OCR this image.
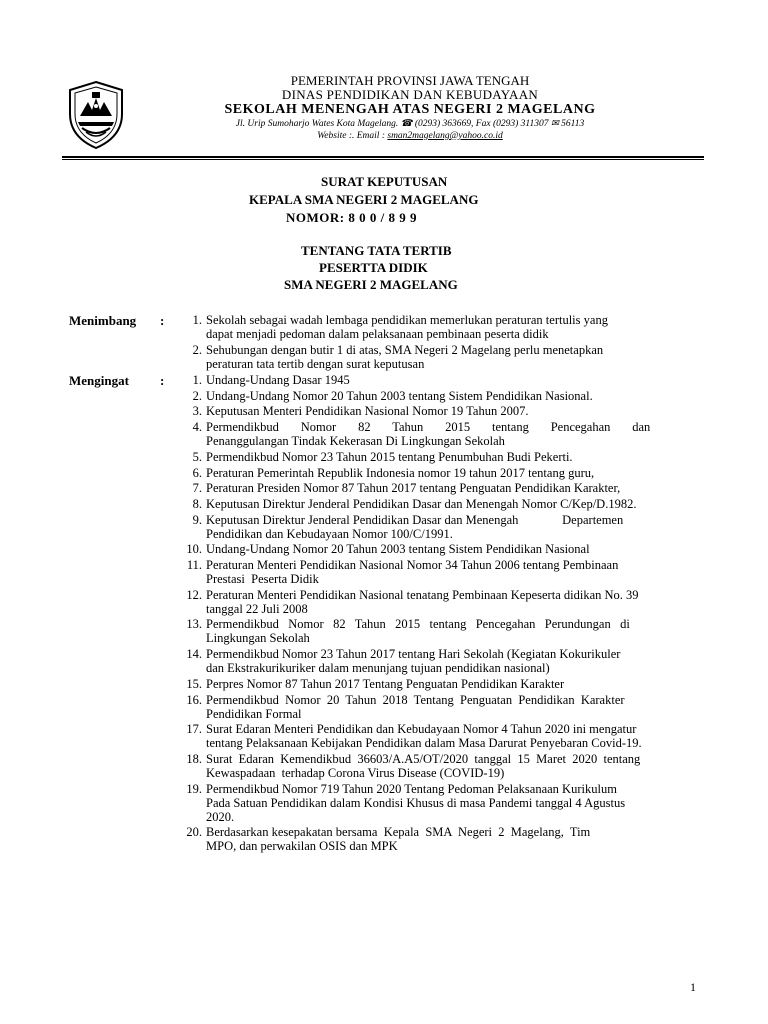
PEMERINTAH PROVINSI JAWA TENGAH
DINAS PENDIDIKAN DAN KEBUDAYAAN
SEKOLAH MENENGAH ATAS NEGERI 2 MAGELANG
Jl. Urip Sumoharjo Wates Kota Magelang. ☎ (0293) 363669, Fax (0293) 311307 ✉ 56113
Website :. Email : sman2magelang@yahoo.co.id
SURAT KEPUTUSAN
KEPALA SMA NEGERI 2 MAGELANG
NOMOR: 8 0 0 / 8 9 9
TENTANG TATA TERTIB
PESERTTA DIDIK
SMA NEGERI 2 MAGELANG
Menimbang :	1. Sekolah sebagai wadah lembaga pendidikan memerlukan peraturan tertulis yang
dapat menjadi pedoman dalam pelaksanaan pembinaan peserta didik
2. Sehubungan dengan butir 1 di atas, SMA Negeri 2 Magelang perlu menetapkan
peraturan tata tertib dengan surat keputusan
Mengingat :	1. Undang-Undang Dasar 1945
2. Undang-Undang Nomor 20 Tahun 2003 tentang Sistem Pendidikan Nasional.
3. Keputusan Menteri Pendidikan Nasional Nomor 19 Tahun 2007.
4. Permendikbud       Nomor       82       Tahun       2015       tentang       Pencegahan       dan
Penanggulangan Tindak Kekerasan Di Lingkungan Sekolah
5. Permendikbud Nomor 23 Tahun 2015 tentang Penumbuhan Budi Pekerti.
6. Peraturan Pemerintah Republik Indonesia nomor 19 tahun 2017 tentang guru,
7. Peraturan Presiden Nomor 87 Tahun 2017 tentang Penguatan Pendidikan Karakter,
8. Keputusan Direktur Jenderal Pendidikan Dasar dan Menengah Nomor C/Kep/D.1982.
9. Keputusan Direktur Jenderal Pendidikan Dasar dan Menengah              Departemen
Pendidikan dan Kebudayaan Nomor 100/C/1991.
10. Undang-Undang Nomor 20 Tahun 2003 tentang Sistem Pendidikan Nasional
11. Peraturan Menteri Pendidikan Nasional Nomor 34 Tahun 2006 tentang Pembinaan
Prestasi  Peserta Didik
12. Peraturan Menteri Pendidikan Nasional tenatang Pembinaan Kepeserta didikan No. 39
tanggal 22 Juli 2008
13. Permendikbud   Nomor   82   Tahun   2015   tentang   Pencegahan   Perundungan   di
Lingkungan Sekolah
14. Permendikbud Nomor 23 Tahun 2017 tentang Hari Sekolah (Kegiatan Kokurikuler
dan Ekstrakurikuriker dalam menunjang tujuan pendidikan nasional)
15. Perpres Nomor 87 Tahun 2017 Tentang Penguatan Pendidikan Karakter
16. Permendikbud  Nomor  20  Tahun  2018  Tentang  Penguatan  Pendidikan  Karakter
Pendidikan Formal
17. Surat Edaran Menteri Pendidikan dan Kebudayaan Nomor 4 Tahun 2020 ini mengatur
tentang Pelaksanaan Kebijakan Pendidikan dalam Masa Darurat Penyebaran Covid-19.
18. Surat  Edaran  Kemendikbud  36603/A.A5/OT/2020  tanggal  15  Maret  2020  tentang
Kewaspadaan  terhadap Corona Virus Disease (COVID-19)
19. Permendikbud Nomor 719 Tahun 2020 Tentang Pedoman Pelaksanaan Kurikulum
Pada Satuan Pendidikan dalam Kondisi Khusus di masa Pandemi tanggal 4 Agustus
2020.
20. Berdasarkan kesepakatan bersama  Kepala  SMA  Negeri  2  Magelang,  Tim
MPO, dan perwakilan OSIS dan MPK
1
